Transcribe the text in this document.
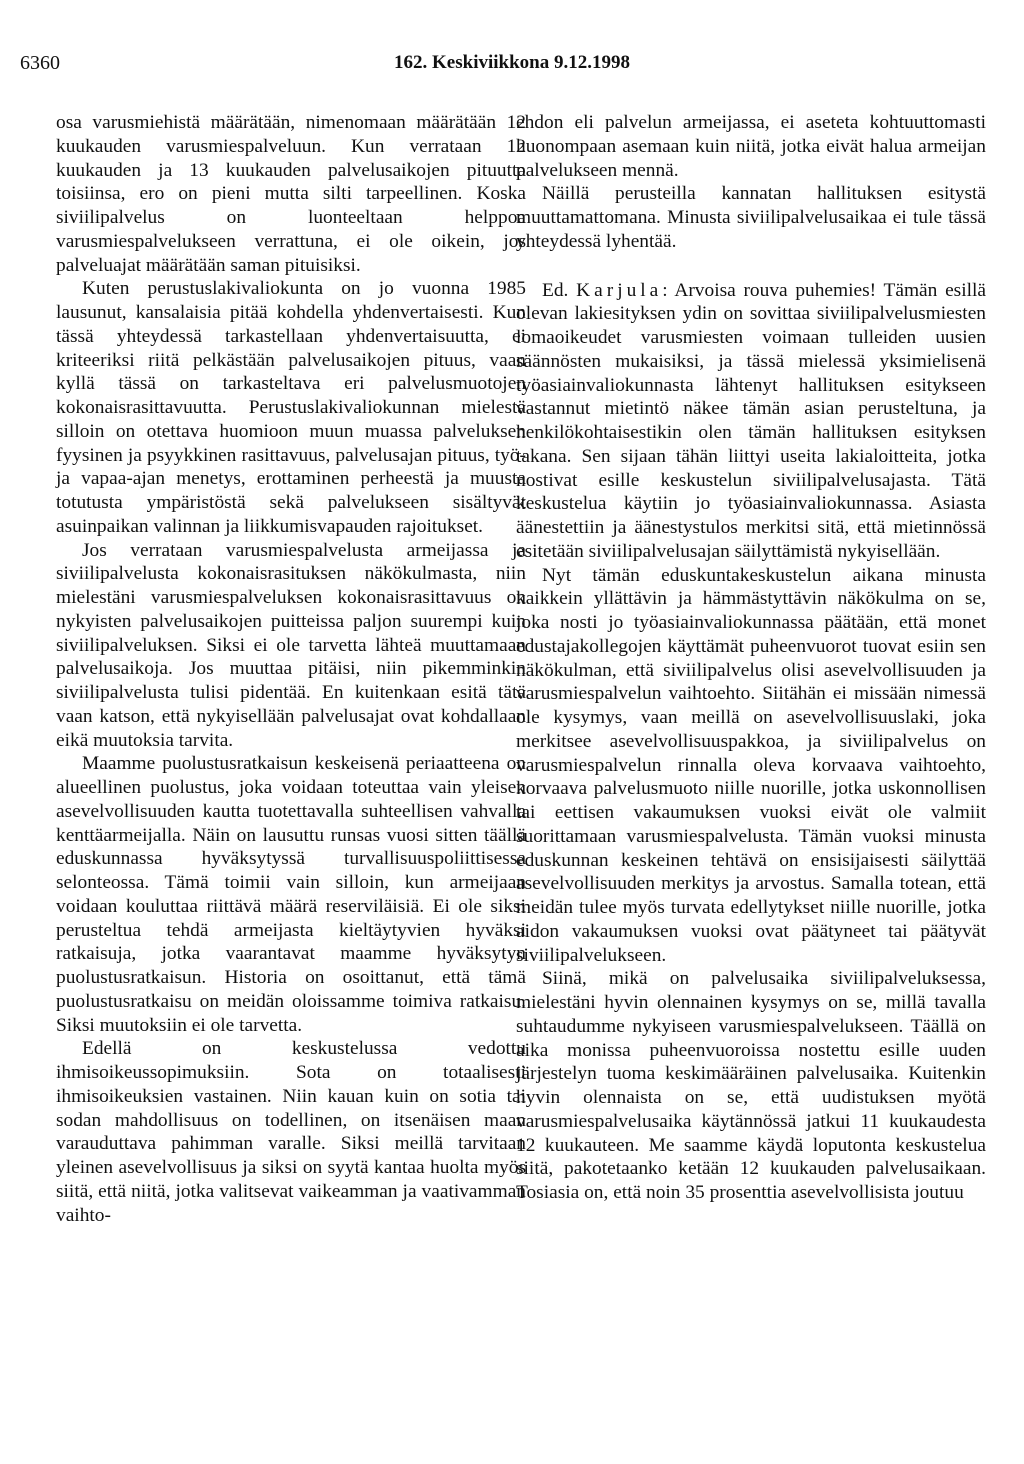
6360	162. Keskiviikkona 9.12.1998

osa varusmiehistä määrätään, nimenomaan määrätään 12 kuukauden varusmiespalveluun. Kun verrataan 12 kuukauden ja 13 kuukauden palvelusaikojen pituutta toisiinsa, ero on pieni mutta silti tarpeellinen. Koska siviilipalvelus on luonteeltaan helppoa varusmiespalvelukseen verrattuna, ei ole oikein, jos palveluajat määrätään saman pituisiksi.

Kuten perustuslakivaliokunta on jo vuonna 1985 lausunut, kansalaisia pitää kohdella yhdenvertaisesti. Kun tässä yhteydessä tarkastellaan yhdenvertaisuutta, ei kriteeriksi riitä pelkästään palvelusaikojen pituus, vaan kyllä tässä on tarkasteltava eri palvelusmuotojen kokonaisrasittavuutta. Perustuslakivaliokunnan mielestä silloin on otettava huomioon muun muassa palveluksen fyysinen ja psyykkinen rasittavuus, palvelusajan pituus, työ- ja vapaa-ajan menetys, erottaminen perheestä ja muusta totutusta ympäristöstä sekä palvelukseen sisältyvät asuinpaikan valinnan ja liikkumisvapauden rajoitukset.

Jos verrataan varusmiespalvelusta armeijassa ja siviilipalvelusta kokonaisrasituksen näkökulmasta, niin mielestäni varusmiespalveluksen kokonaisrasittavuus on nykyisten palvelusaikojen puitteissa paljon suurempi kuin siviilipalveluksen. Siksi ei ole tarvetta lähteä muuttamaan palvelusaikoja. Jos muuttaa pitäisi, niin pikemminkin siviilipalvelusta tulisi pidentää. En kuitenkaan esitä tätä vaan katson, että nykyisellään palvelusajat ovat kohdallaan eikä muutoksia tarvita.

Maamme puolustusratkaisun keskeisenä periaatteena on alueellinen puolustus, joka voidaan toteuttaa vain yleisen asevelvollisuuden kautta tuotettavalla suhteellisen vahvalla kenttäarmeijalla. Näin on lausuttu runsas vuosi sitten täällä eduskunnassa hyväksytyssä turvallisuuspoliittisessa selonteossa. Tämä toimii vain silloin, kun armeijaan voidaan kouluttaa riittävä määrä reserviläisiä. Ei ole siksi perusteltua tehdä armeijasta kieltäytyvien hyväksi ratkaisuja, jotka vaarantavat maamme hyväksytyn puolustusratkaisun. Historia on osoittanut, että tämä puolustusratkaisu on meidän oloissamme toimiva ratkaisu. Siksi muutoksiin ei ole tarvetta.

Edellä on keskustelussa vedottu ihmisoikeussopimuksiin. Sota on totaalisesti ihmisoikeuksien vastainen. Niin kauan kuin on sotia tai sodan mahdollisuus on todellinen, on itsenäisen maan varauduttava pahimman varalle. Siksi meillä tarvitaan yleinen asevelvollisuus ja siksi on syytä kantaa huolta myös siitä, että niitä, jotka valitsevat vaikeamman ja vaativamman vaihto-

ehdon eli palvelun armeijassa, ei aseteta kohtuuttomasti huonompaan asemaan kuin niitä, jotka eivät halua armeijan palvelukseen mennä.

Näillä perusteilla kannatan hallituksen esitystä muuttamattomana. Minusta siviilipalvelusaikaa ei tule tässä yhteydessä lyhentää.

Ed. Karjula: Arvoisa rouva puhemies! Tämän esillä olevan lakiesityksen ydin on sovittaa siviilipalvelusmiesten lomaoikeudet varusmiesten voimaan tulleiden uusien säännösten mukaisiksi, ja tässä mielessä yksimielisenä työasiainvaliokunnasta lähtenyt hallituksen esitykseen vastannut mietintö näkee tämän asian perusteltuna, ja henkilökohtaisestikin olen tämän hallituksen esityksen takana. Sen sijaan tähän liittyi useita lakialoitteita, jotka nostivat esille keskustelun siviilipalvelusajasta. Tätä keskustelua käytiin jo työasiainvaliokunnassa. Asiasta äänestettiin ja äänestystulos merkitsi sitä, että mietinnössä esitetään siviilipalvelusajan säilyttämistä nykyisellään.

Nyt tämän eduskuntakeskustelun aikana minusta kaikkein yllättävin ja hämmästyttävin näkökulma on se, joka nosti jo työasiainvaliokunnassa päätään, että monet edustajakollegojen käyttämät puheenvuorot tuovat esiin sen näkökulman, että siviilipalvelus olisi asevelvollisuuden ja varusmiespalvelun vaihtoehto. Siitähän ei missään nimessä ole kysymys, vaan meillä on asevelvollisuuslaki, joka merkitsee asevelvollisuuspakkoa, ja siviilipalvelus on varusmiespalvelun rinnalla oleva korvaava vaihtoehto, korvaava palvelusmuoto niille nuorille, jotka uskonnollisen tai eettisen vakaumuksen vuoksi eivät ole valmiit suorittamaan varusmiespalvelusta. Tämän vuoksi minusta eduskunnan keskeinen tehtävä on ensisijaisesti säilyttää asevelvollisuuden merkitys ja arvostus. Samalla totean, että meidän tulee myös turvata edellytykset niille nuorille, jotka aidon vakaumuksen vuoksi ovat päätyneet tai päätyvät siviilipalvelukseen.

Siinä, mikä on palvelusaika siviilipalveluksessa, mielestäni hyvin olennainen kysymys on se, millä tavalla suhtaudumme nykyiseen varusmiespalvelukseen. Täällä on aika monissa puheenvuoroissa nostettu esille uuden järjestelyn tuoma keskimääräinen palvelusaika. Kuitenkin hyvin olennaista on se, että uudistuksen myötä varusmiespalvelusaika käytännössä jatkui 11 kuukaudesta 12 kuukauteen. Me saamme käydä loputonta keskustelua siitä, pakotetaanko ketään 12 kuukauden palvelusaikaan. Tosiasia on, että noin 35 prosenttia asevelvollisista joutuu
